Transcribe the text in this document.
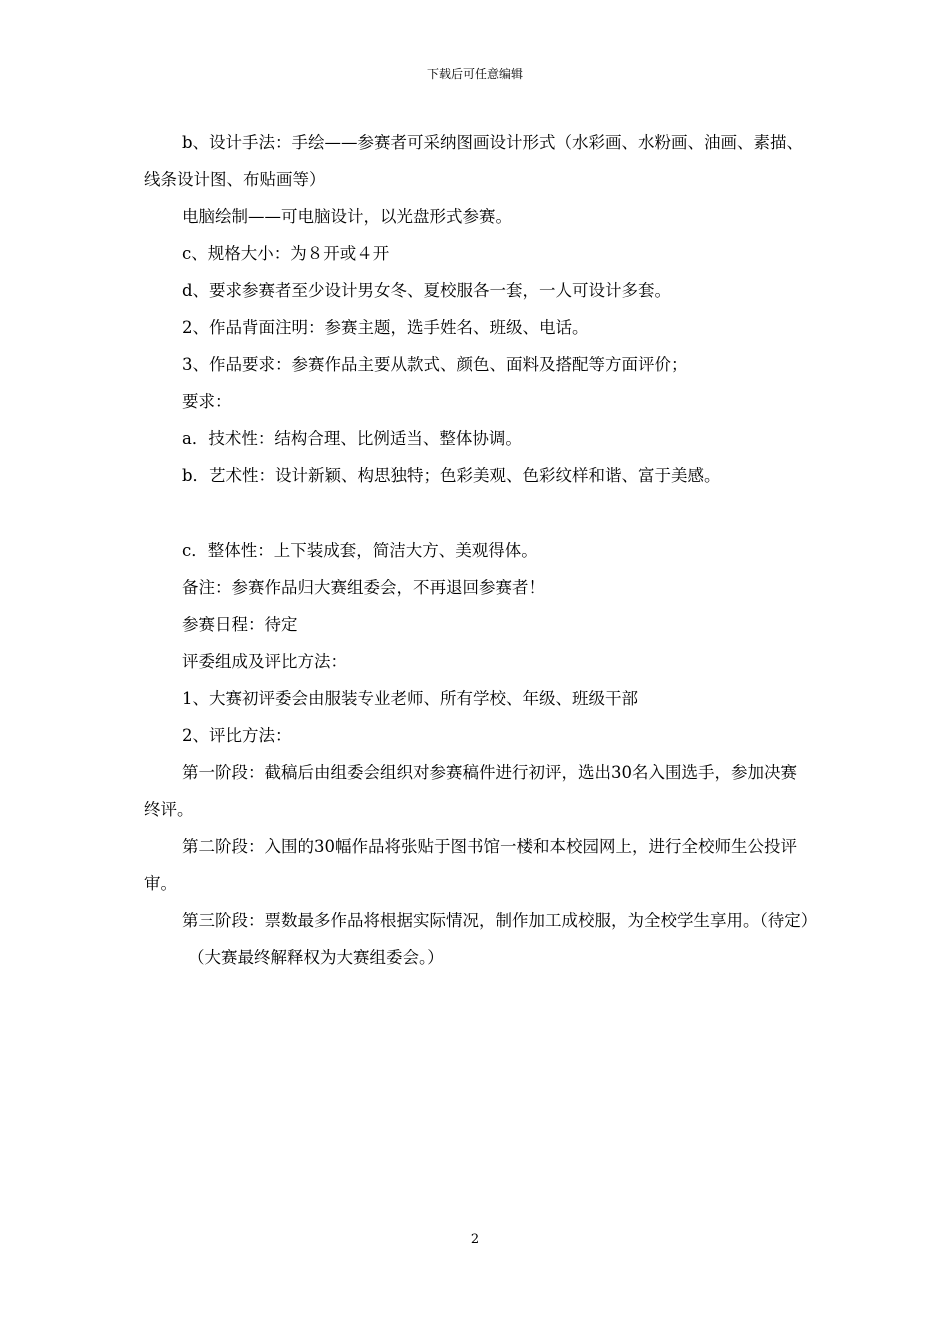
下载后可任意编辑

b、设计手法：手绘——参赛者可采纳图画设计形式（水彩画、水粉画、油画、素描、线条设计图、布贴画等）

电脑绘制——可电脑设计，以光盘形式参赛。

c、规格大小：为８开或４开

d、要求参赛者至少设计男女冬、夏校服各一套，一人可设计多套。

2、作品背面注明：参赛主题，选手姓名、班级、电话。

3、作品要求：参赛作品主要从款式、颜色、面料及搭配等方面评价；

要求：

a．技术性：结构合理、比例适当、整体协调。

b．艺术性：设计新颖、构思独特；色彩美观、色彩纹样和谐、富于美感。

c．整体性：上下装成套，简洁大方、美观得体。

备注：参赛作品归大赛组委会，不再退回参赛者！

参赛日程：待定

评委组成及评比方法：

1、大赛初评委会由服装专业老师、所有学校、年级、班级干部

2、评比方法：

第一阶段：截稿后由组委会组织对参赛稿件进行初评，选出30名入围选手，参加决赛终评。

第二阶段：入围的30幅作品将张贴于图书馆一楼和本校园网上，进行全校师生公投评审。

第三阶段：票数最多作品将根据实际情况，制作加工成校服，为全校学生享用。（待定）

（大赛最终解释权为大赛组委会。）

2
